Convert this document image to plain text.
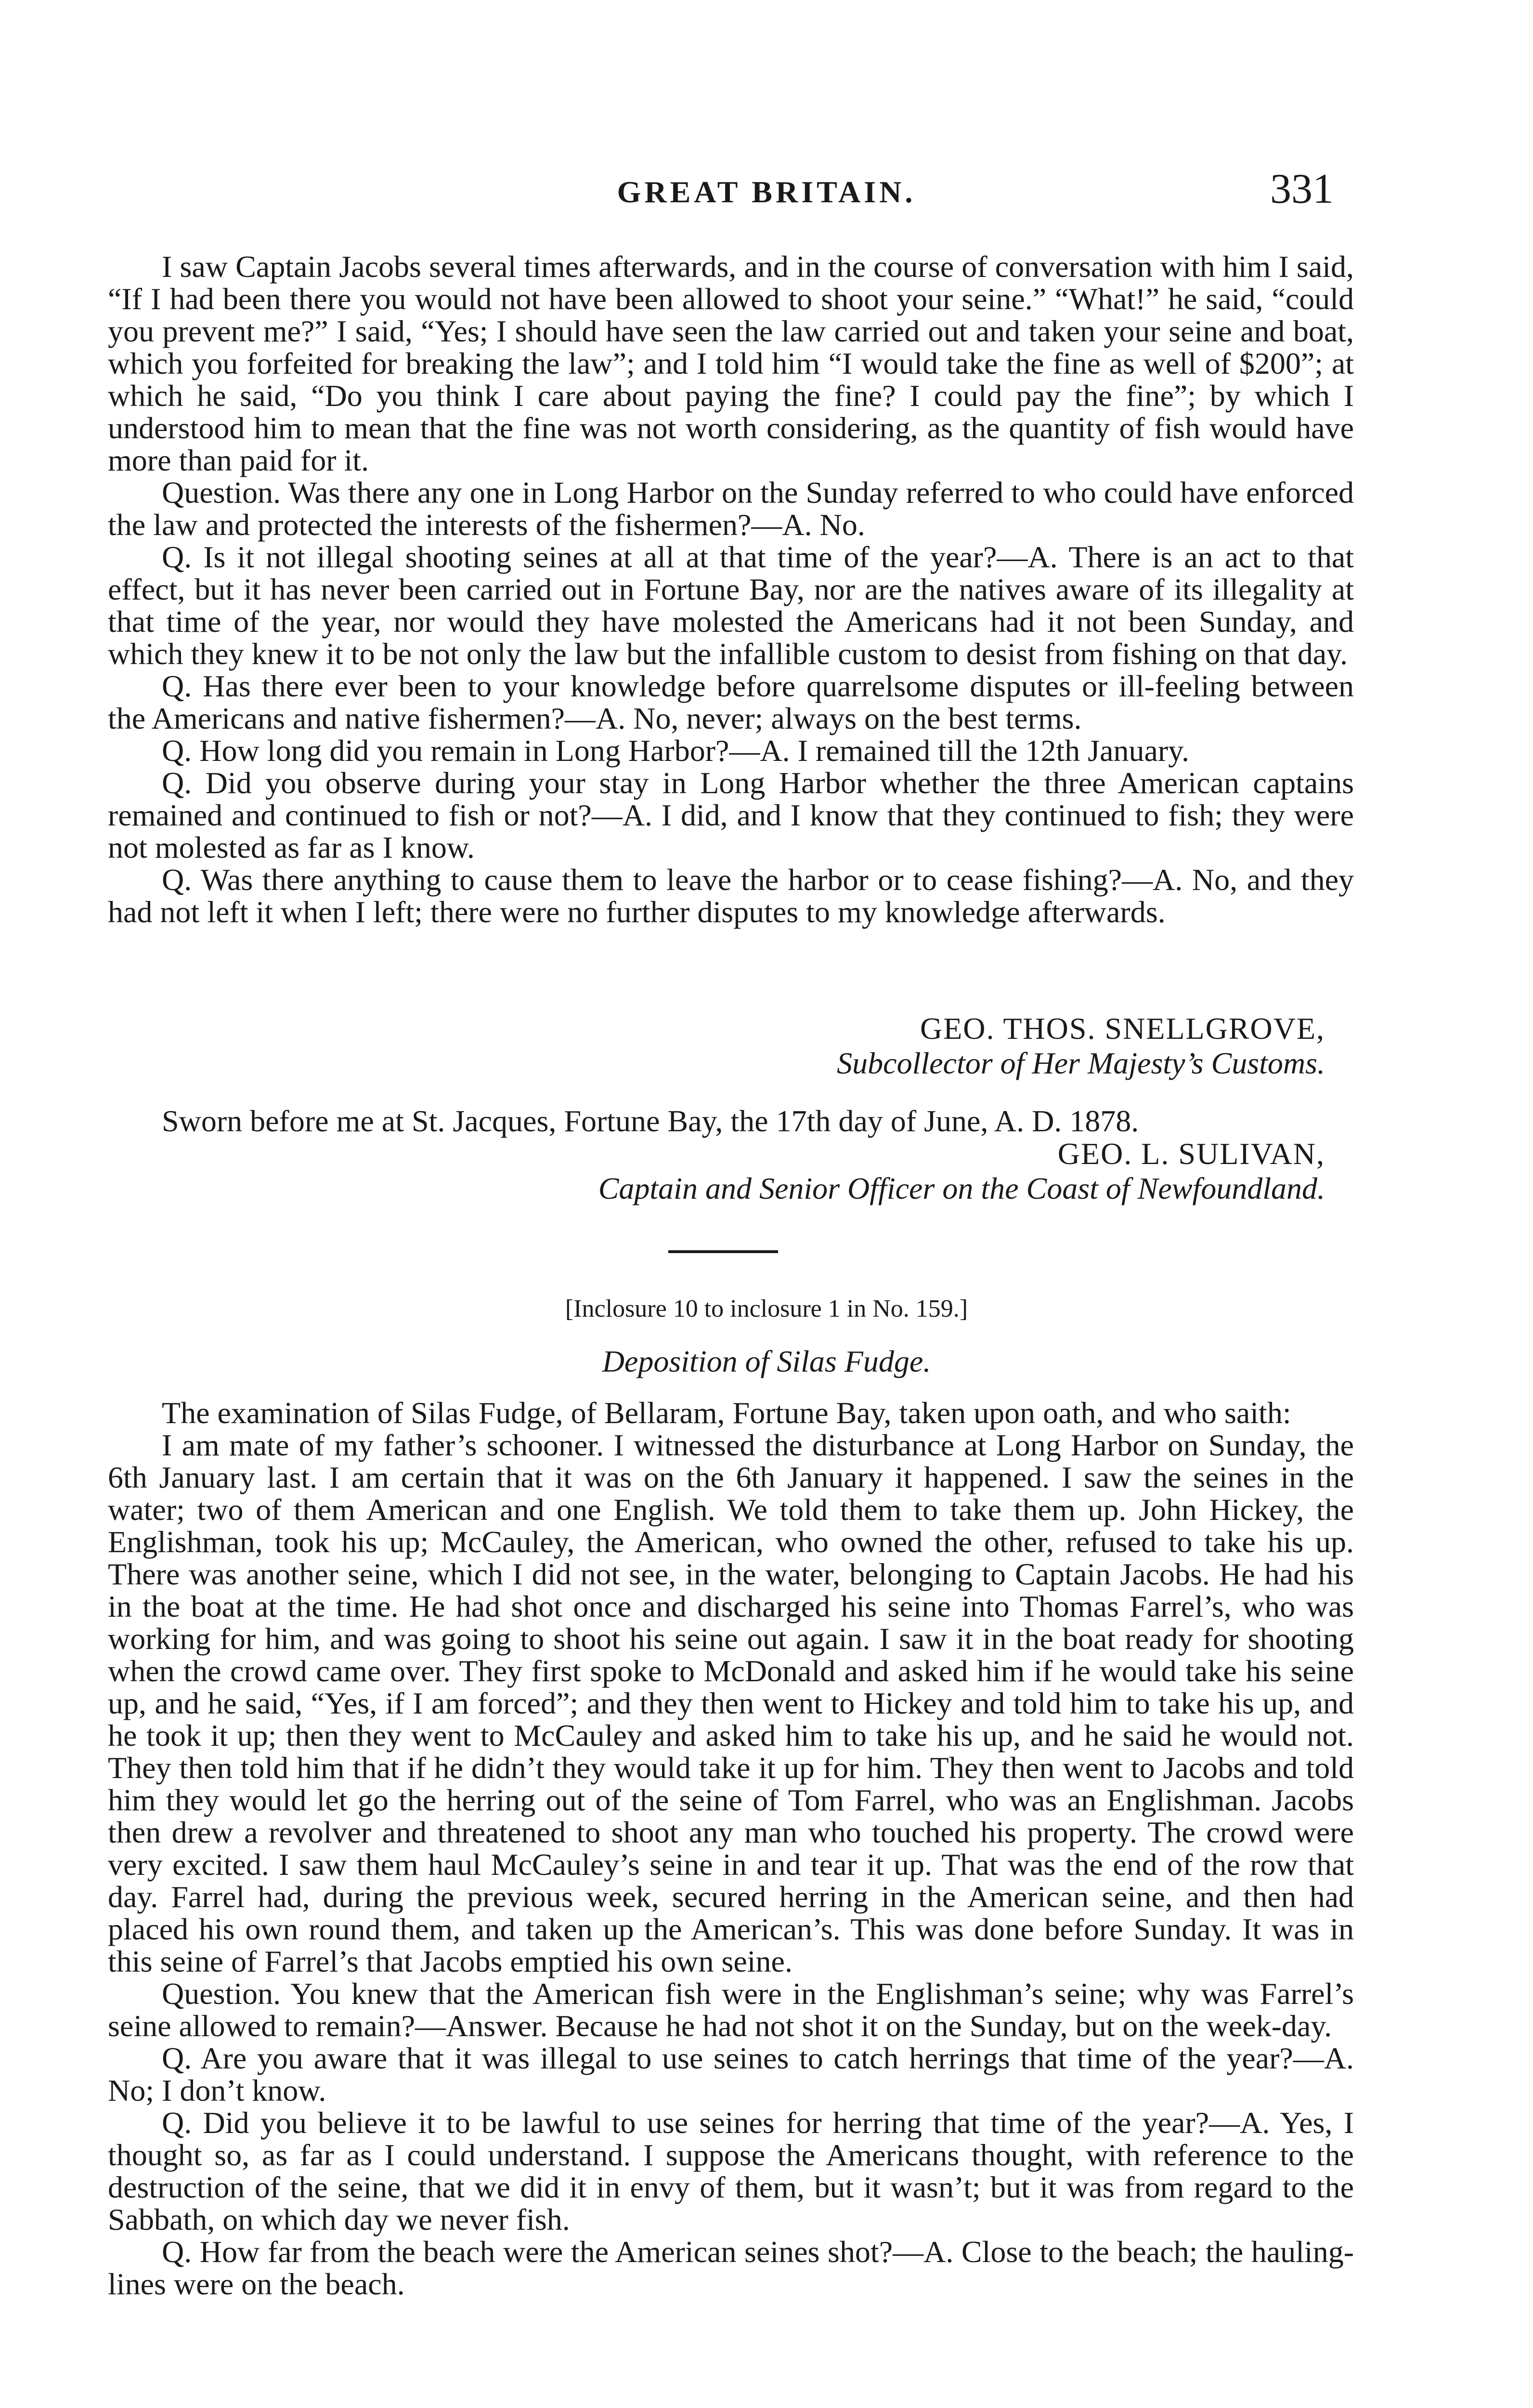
GREAT BRITAIN.	331

I saw Captain Jacobs several times afterwards, and in the course of conversation with him I said, “If I had been there you would not have been allowed to shoot your seine.” “What!” he said, “could you prevent me?” I said, “Yes; I should have seen the law carried out and taken your seine and boat, which you forfeited for breaking the law”; and I told him “I would take the fine as well of $200”; at which he said, “Do you think I care about paying the fine? I could pay the fine”; by which I understood him to mean that the fine was not worth considering, as the quantity of fish would have more than paid for it.

Question. Was there any one in Long Harbor on the Sunday referred to who could have enforced the law and protected the interests of the fishermen?—A. No.

Q. Is it not illegal shooting seines at all at that time of the year?—A. There is an act to that effect, but it has never been carried out in Fortune Bay, nor are the natives aware of its illegality at that time of the year, nor would they have molested the Americans had it not been Sunday, and which they knew it to be not only the law but the infallible custom to desist from fishing on that day.

Q. Has there ever been to your knowledge before quarrelsome disputes or ill-feeling between the Americans and native fishermen?—A. No, never; always on the best terms.

Q. How long did you remain in Long Harbor?—A. I remained till the 12th January.

Q. Did you observe during your stay in Long Harbor whether the three American captains remained and continued to fish or not?—A. I did, and I know that they continued to fish; they were not molested as far as I know.

Q. Was there anything to cause them to leave the harbor or to cease fishing?—A. No, and they had not left it when I left; there were no further disputes to my knowledge afterwards.

GEO. THOS. SNELLGROVE,
Subcollector of Her Majesty’s Customs.

Sworn before me at St. Jacques, Fortune Bay, the 17th day of June, A. D. 1878.

GEO. L. SULIVAN,
Captain and Senior Officer on the Coast of Newfoundland.

[Inclosure 10 to inclosure 1 in No. 159.]

Deposition of Silas Fudge.

The examination of Silas Fudge, of Bellaram, Fortune Bay, taken upon oath, and who saith:

I am mate of my father’s schooner. I witnessed the disturbance at Long Harbor on Sunday, the 6th January last. I am certain that it was on the 6th January it happened. I saw the seines in the water; two of them American and one English. We told them to take them up. John Hickey, the Englishman, took his up; McCauley, the American, who owned the other, refused to take his up. There was another seine, which I did not see, in the water, belonging to Captain Jacobs. He had his in the boat at the time. He had shot once and discharged his seine into Thomas Farrel’s, who was working for him, and was going to shoot his seine out again. I saw it in the boat ready for shooting when the crowd came over. They first spoke to McDonald and asked him if he would take his seine up, and he said, “Yes, if I am forced”; and they then went to Hickey and told him to take his up, and he took it up; then they went to McCauley and asked him to take his up, and he said he would not. They then told him that if he didn’t they would take it up for him. They then went to Jacobs and told him they would let go the herring out of the seine of Tom Farrel, who was an Englishman. Jacobs then drew a revolver and threatened to shoot any man who touched his property. The crowd were very excited. I saw them haul McCauley’s seine in and tear it up. That was the end of the row that day. Farrel had, during the previous week, secured herring in the American seine, and then had placed his own round them, and taken up the American’s. This was done before Sunday. It was in this seine of Farrel’s that Jacobs emptied his own seine.

Question. You knew that the American fish were in the Englishman’s seine; why was Farrel’s seine allowed to remain?—Answer. Because he had not shot it on the Sunday, but on the week-day.

Q. Are you aware that it was illegal to use seines to catch herrings that time of the year?—A. No; I don’t know.

Q. Did you believe it to be lawful to use seines for herring that time of the year?—A. Yes, I thought so, as far as I could understand. I suppose the Americans thought, with reference to the destruction of the seine, that we did it in envy of them, but it wasn’t; but it was from regard to the Sabbath, on which day we never fish.

Q. How far from the beach were the American seines shot?—A. Close to the beach; the hauling-lines were on the beach.
